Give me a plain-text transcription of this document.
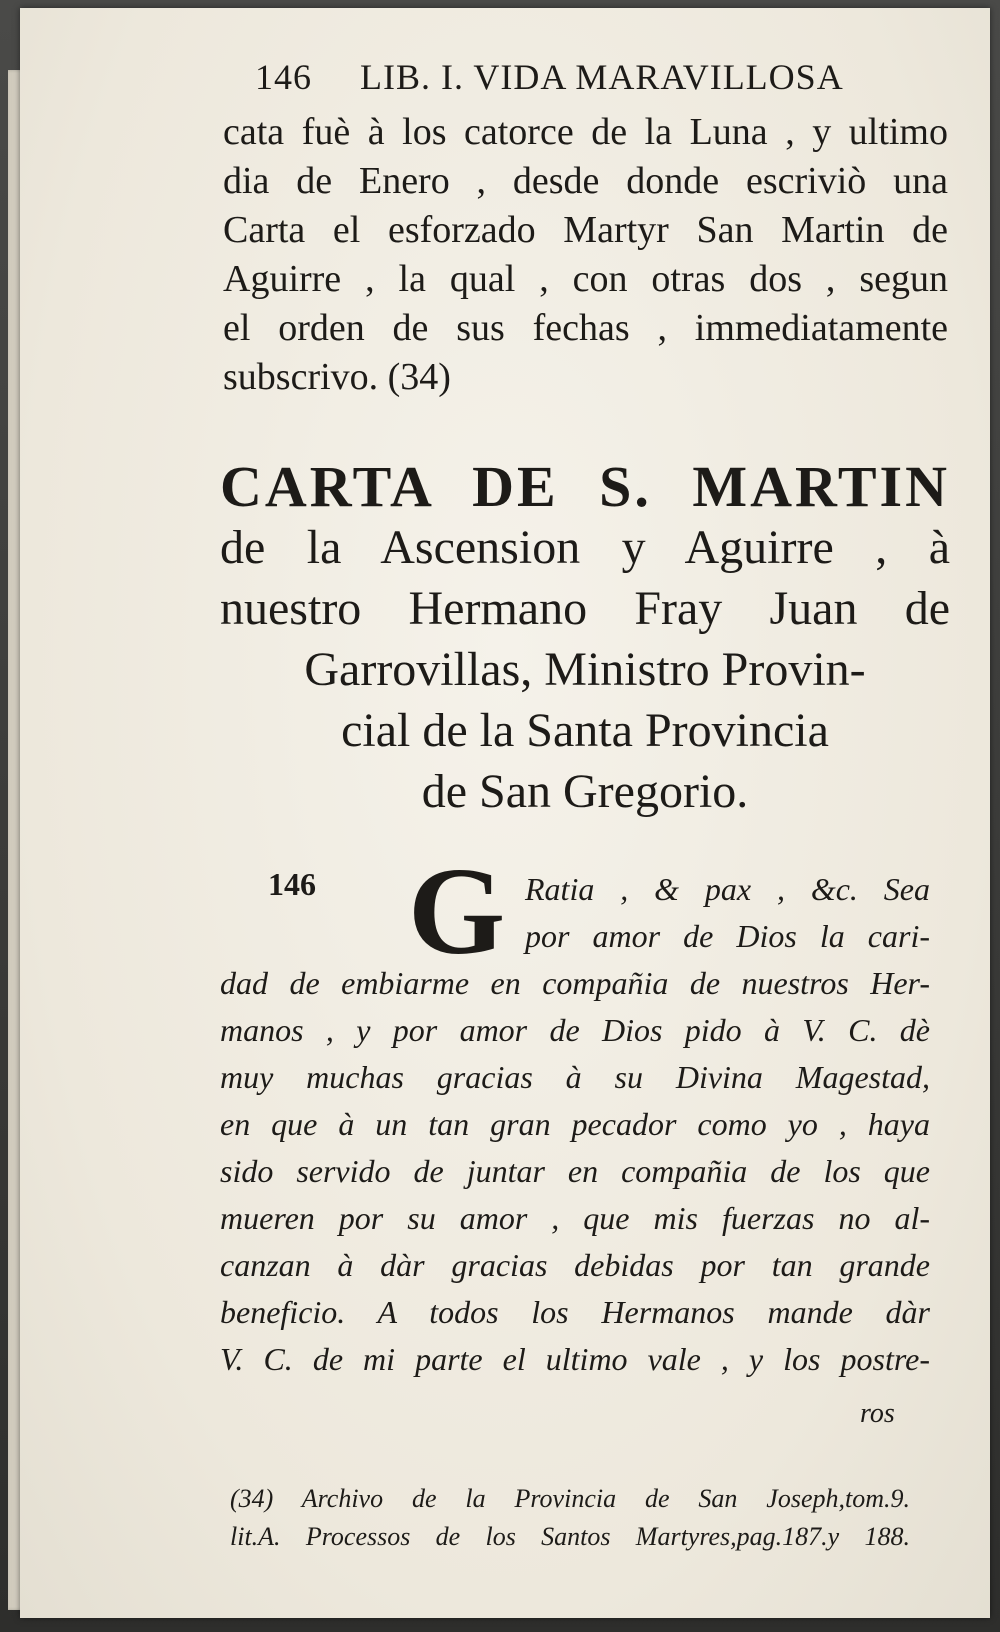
146 LIB. I. VIDA MARAVILLOSA
cata fuè à los catorce de la Luna , y ultimo
dia de Enero , desde donde escriviò una
Carta el esforzado Martyr San Martin de
Aguirre , la qual , con otras dos , segun
el orden de sus fechas , immediatamente
subscrivo. (34)
CARTA DE S. MARTIN
de la Ascension y Aguirre , à
nuestro Hermano Fray Juan de
Garrovillas, Ministro Provin-
cial de la Santa Provincia
de San Gregorio.
146 G Ratia , & pax , &c. Sea
por amor de Dios la cari-
dad de embiarme en compañia de nuestros Her-
manos , y por amor de Dios pido à V. C. dè
muy muchas gracias à su Divina Magestad,
en que à un tan gran pecador como yo , haya
sido servido de juntar en compañia de los que
mueren por su amor , que mis fuerzas no al-
canzan à dàr gracias debidas por tan grande
beneficio. A todos los Hermanos mande dàr
V. C. de mi parte el ultimo vale , y los postre-
ros
(34) Archivo de la Provincia de San Joseph,tom.9.
lit.A. Processos de los Santos Martyres,pag.187.y 188.
